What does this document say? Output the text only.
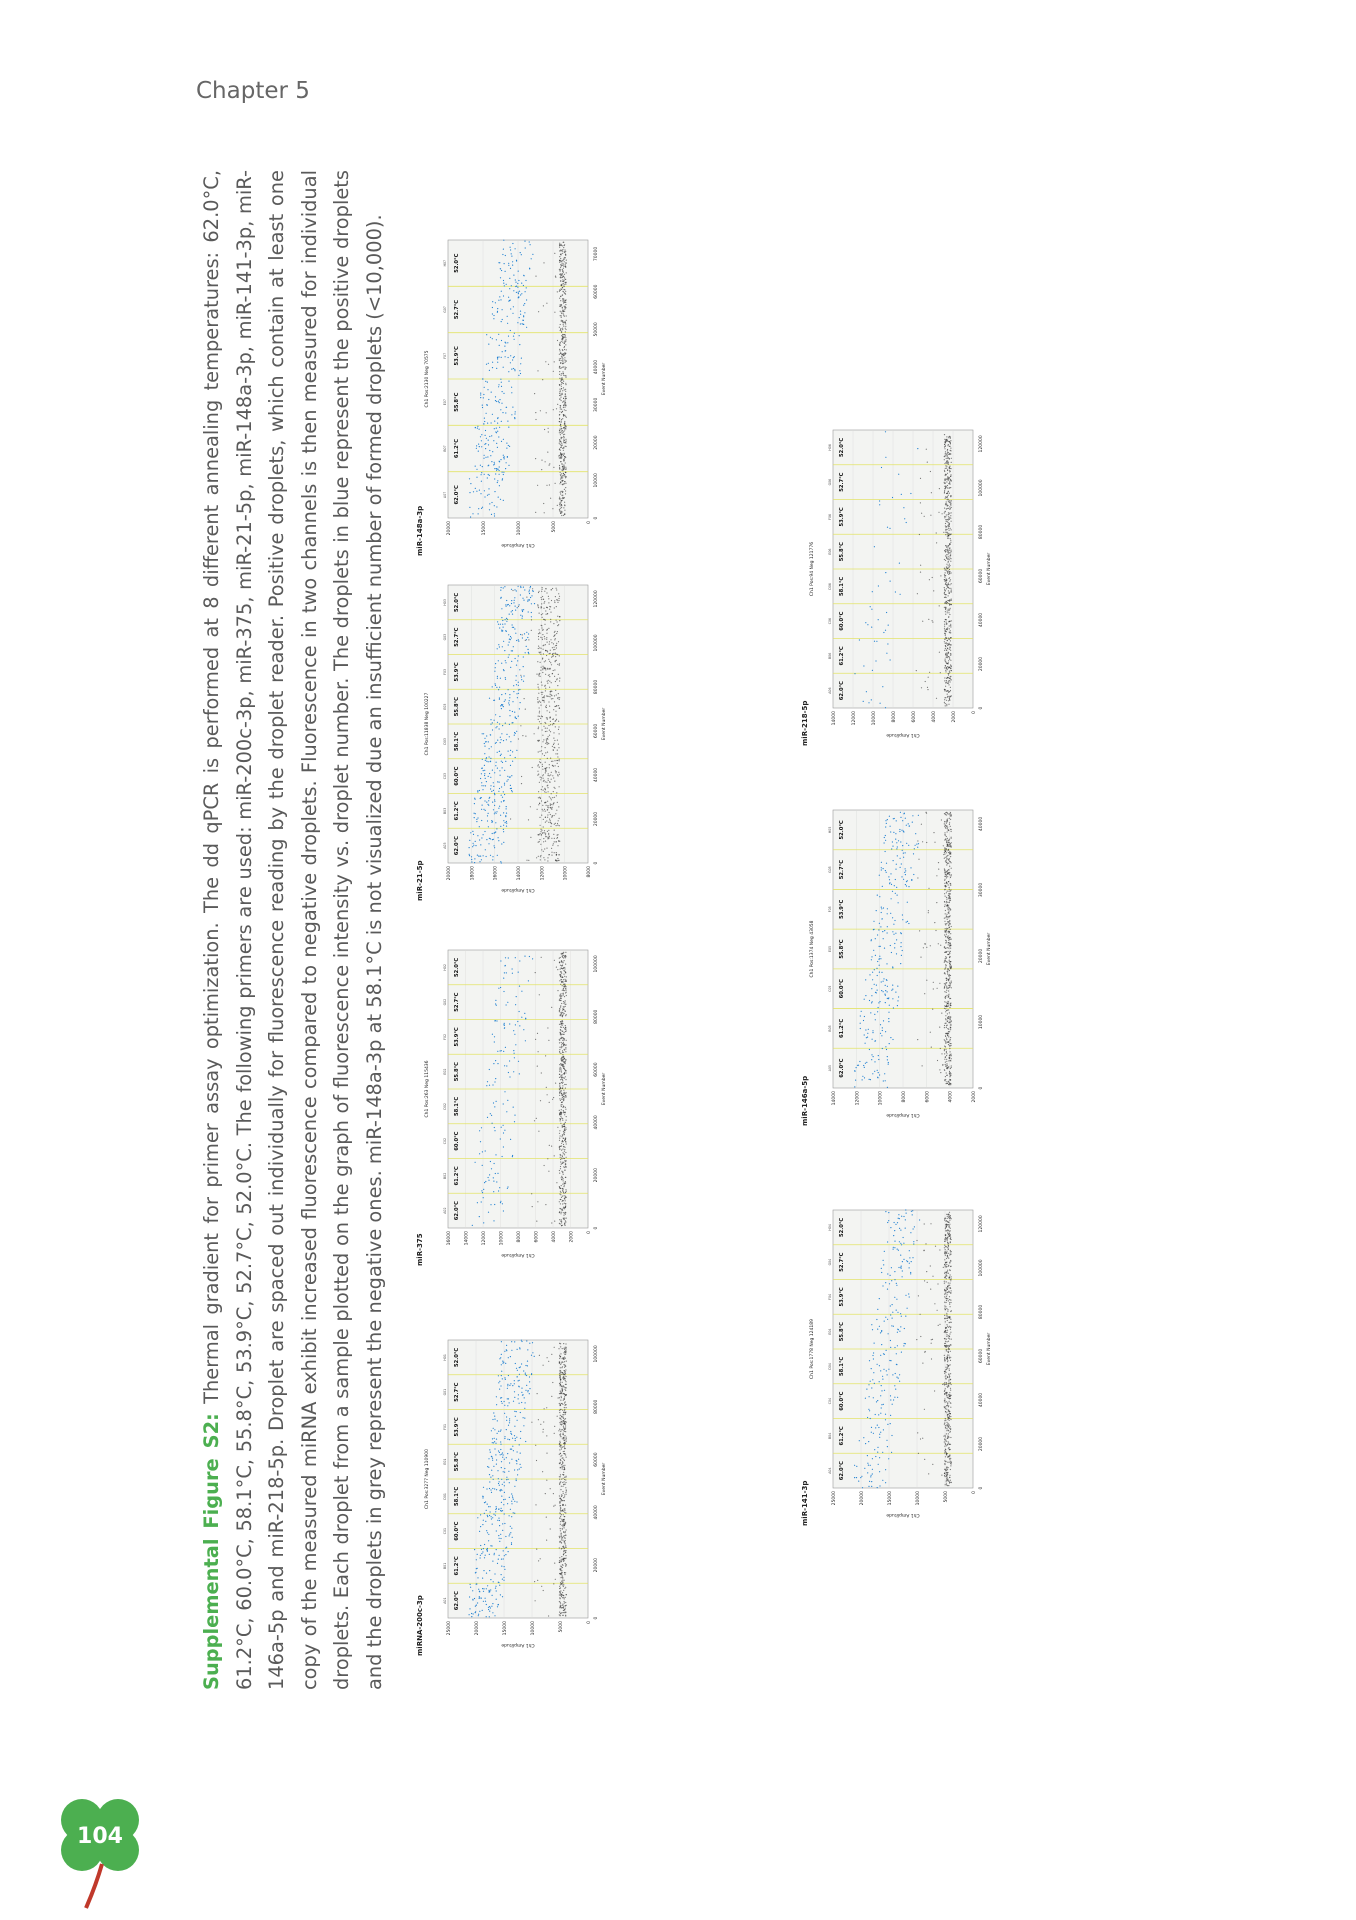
Chapter 5
Supplemental Figure S2: Thermal gradient for primer assay optimization. The dd qPCR is performed at 8 different annealing temperatures: 62.0°C, 61.2°C, 60.0°C, 58.1°C, 55.8°C, 53.9°C, 52.7°C, 52.0°C. The following primers are used: miR-200c-3p, miR-375, miR-21-5p, miR-148a-3p, miR-141-3p, miR-146a-5p and miR-218-5p. Droplet are spaced out individually for fluorescence reading by the droplet reader. Positive droplets, which contain at least one copy of the measured miRNA exhibit increased fluorescence compared to negative droplets. Fluorescence in two channels is then measured for individual droplets. Each droplet from a sample plotted on the graph of fluorescence intensity vs. droplet number. The droplets in blue represent the positive droplets and the droplets in grey represent the negative ones. miR-148a-3p at 58.1°C is not visualized due an insufficient number of formed droplets (<10,000).	miRNA-200c-3p
Ch1 Pos:3277 Neg 110900
25000	20000	15000	10000	5000	0
0
20000
40000
60000
80000
100000
Event Number
Ch1 Amplitude
62.0°C
A01
61.2°C
B01
60.0°C
C01
58.1°C
D01
55.8°C
E01
53.9°C
F01
52.7°C
G01
52.0°C
H01
miR-375
Ch1 Pos:263 Neg 115436
16000	14000	12000	10000	8000	6000	4000	2000	0
0
20000
40000
60000
80000
100000
Event Number
Ch1 Amplitude
62.0°C
A02
61.2°C
B02
60.0°C
C02
58.1°C
D02
55.8°C
E02
53.9°C
F02
52.7°C
G02
52.0°C
H02
miR-21-5p
Ch1 Pos:11838 Neg 100227
20000	18000	16000	14000	12000	10000	8000
0
20000
40000
60000
80000
100000
120000
Event Number
Ch1 Amplitude
62.0°C
A03
61.2°C
B03
60.0°C
C03
58.1°C
D03
55.8°C
E03
53.9°C
F03
52.7°C
G03
52.0°C
H03
miR-148a-3p
Ch1 Pos:2130 Neg 70575
20000	15000	10000	5000	0
0
10000
20000
30000
40000
50000
60000
70000
Event Number
Ch1 Amplitude
62.0°C
A07
61.2°C
B07
55.8°C
E07
53.9°C
F07
52.7°C
G07
52.0°C
H07
miR-141-3p
Ch1 Pos:1778 Neg 124189
25000	20000	15000	10000	5000	0
0
20000
40000
60000
80000
100000
120000
Event Number
Ch1 Amplitude
62.0°C
A04
61.2°C
B04
60.0°C
C04
58.1°C
D04
55.8°C
E04
53.9°C
F04
52.7°C
G04
52.0°C
H04
miR-146a-5p
Ch1 Pos:1374 Neg 43058
14000	12000	10000	8000	6000	4000	2000
0
10000
20000
30000
40000
Event Number
Ch1 Amplitude
62.0°C
A05
61.2°C
B05
60.0°C
C05
55.8°C
E05
53.9°C
F05
52.7°C
G05
52.0°C
H05
miR-218-5p
Ch1 Pos:94 Neg 121776
14000	12000	10000	8000	6000	4000	2000	0
0
20000
40000
60000
80000
100000
120000
Event Number
Ch1 Amplitude
62.0°C
A06
61.2°C
B06
60.0°C
C06
58.1°C
D06
55.8°C
E06
53.9°C
F06
52.7°C
G06
52.0°C
H06
104
